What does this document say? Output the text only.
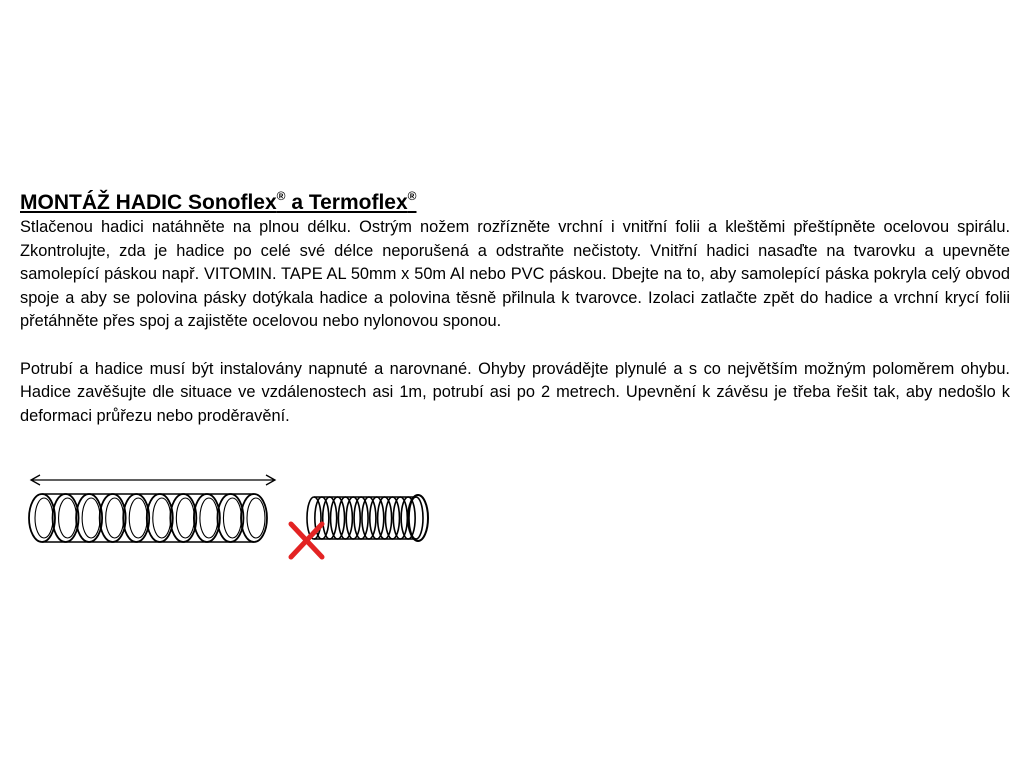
MONTÁŽ HADIC Sonoflex® a Termoflex®

Stlačenou hadici natáhněte na plnou délku. Ostrým nožem rozřízněte vrchní i vnitřní folii a kleštěmi přeštípněte ocelovou spirálu. Zkontrolujte, zda je hadice po celé své délce neporušená a odstraňte nečistoty. Vnitřní hadici nasaďte na tvarovku a upevněte samolepící páskou např. VITOMIN. TAPE AL 50mm x 50m Al nebo PVC páskou. Dbejte na to, aby samolepící páska pokryla celý obvod spoje a aby se polovina pásky dotýkala hadice a polovina těsně přilnula k tvarovce. Izolaci zatlačte zpět do hadice a vrchní krycí folii přetáhněte přes spoj a zajistěte ocelovou nebo nylonovou sponou.

Potrubí a hadice musí být instalovány napnuté a narovnané. Ohyby provádějte plynulé a s co největším možným poloměrem ohybu. Hadice zavěšujte dle situace ve vzdálenostech asi 1m, potrubí asi po 2 metrech. Upevnění k závěsu je třeba řešit tak, aby nedošlo k deformaci průřezu nebo proděravění.
